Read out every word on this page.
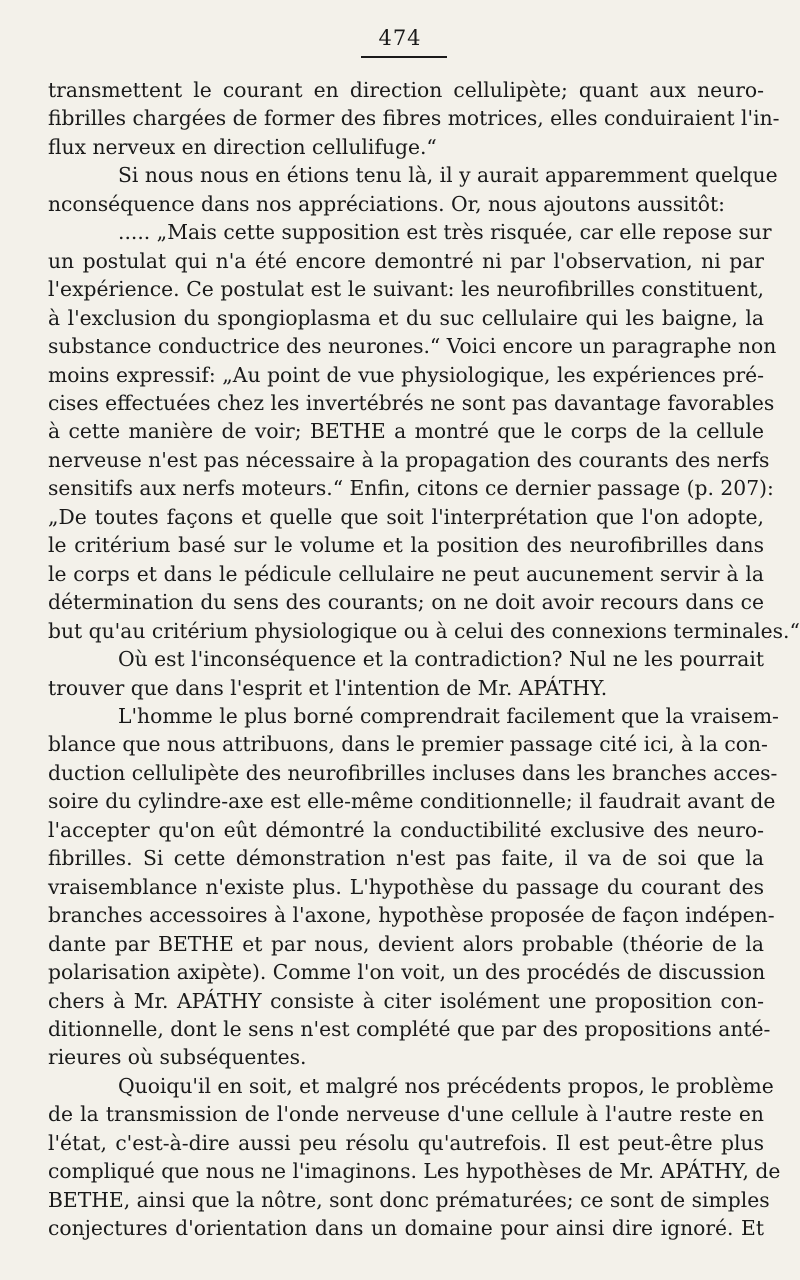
474
transmettent le courant en direction cellulipète; quant aux neuro-
fibrilles chargées de former des fibres motrices, elles conduiraient l'in-
flux nerveux en direction cellulifuge.“
Si nous nous en étions tenu là, il y aurait apparemment quelque
nconséquence dans nos appréciations. Or, nous ajoutons aussitôt:
..... „Mais cette supposition est très risquée, car elle repose sur
un postulat qui n'a été encore demontré ni par l'observation, ni par
l'expérience. Ce postulat est le suivant: les neurofibrilles constituent,
à l'exclusion du spongioplasma et du suc cellulaire qui les baigne, la
substance conductrice des neurones.“ Voici encore un paragraphe non
moins expressif: „Au point de vue physiologique, les expériences pré-
cises effectuées chez les invertébrés ne sont pas davantage favorables
à cette manière de voir; BETHE a montré que le corps de la cellule
nerveuse n'est pas nécessaire à la propagation des courants des nerfs
sensitifs aux nerfs moteurs.“ Enfin, citons ce dernier passage (p. 207):
„De toutes façons et quelle que soit l'interprétation que l'on adopte,
le critérium basé sur le volume et la position des neurofibrilles dans
le corps et dans le pédicule cellulaire ne peut aucunement servir à la
détermination du sens des courants; on ne doit avoir recours dans ce
but qu'au critérium physiologique ou à celui des connexions terminales.“
Où est l'inconséquence et la contradiction? Nul ne les pourrait
trouver que dans l'esprit et l'intention de Mr. APÁTHY.
L'homme le plus borné comprendrait facilement que la vraisem-
blance que nous attribuons, dans le premier passage cité ici, à la con-
duction cellulipète des neurofibrilles incluses dans les branches acces-
soire du cylindre-axe est elle-même conditionnelle; il faudrait avant de
l'accepter qu'on eût démontré la conductibilité exclusive des neuro-
fibrilles. Si cette démonstration n'est pas faite, il va de soi que la
vraisemblance n'existe plus. L'hypothèse du passage du courant des
branches accessoires à l'axone, hypothèse proposée de façon indépen-
dante par BETHE et par nous, devient alors probable (théorie de la
polarisation axipète). Comme l'on voit, un des procédés de discussion
chers à Mr. APÁTHY consiste à citer isolément une proposition con-
ditionnelle, dont le sens n'est complété que par des propositions anté-
rieures où subséquentes.
Quoiqu'il en soit, et malgré nos précédents propos, le problème
de la transmission de l'onde nerveuse d'une cellule à l'autre reste en
l'état, c'est-à-dire aussi peu résolu qu'autrefois. Il est peut-être plus
compliqué que nous ne l'imaginons. Les hypothèses de Mr. APÁTHY, de
BETHE, ainsi que la nôtre, sont donc prématurées; ce sont de simples
conjectures d'orientation dans un domaine pour ainsi dire ignoré. Et
